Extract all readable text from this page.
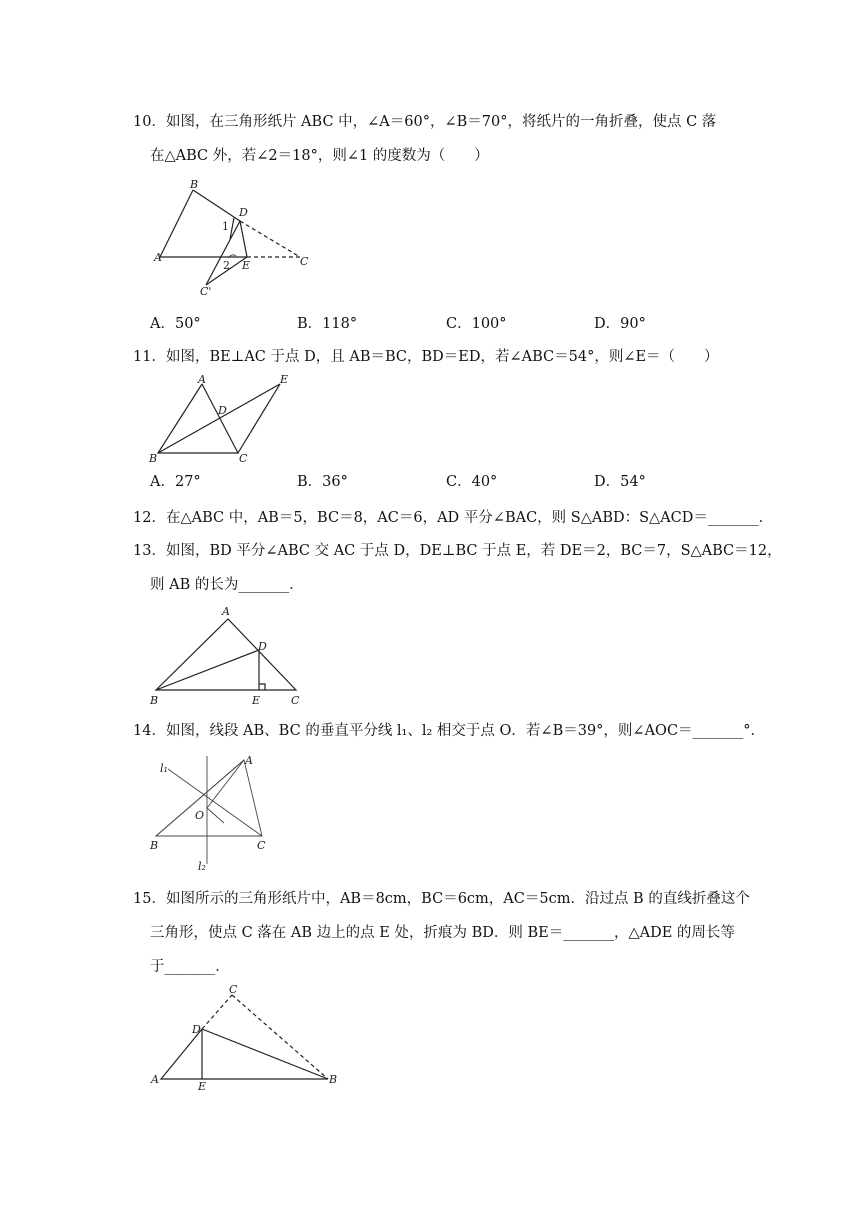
10．如图，在三角形纸片 ABC 中，∠A＝60°，∠B＝70°，将纸片的一角折叠，使点 C 落
在△ABC 外，若∠2＝18°，则∠1 的度数为（　　）
B
D
1
A
2 E	C
C'
A．50°	B．118°	C．100°	D．90°
11．如图，BE⊥AC 于点 D，且 AB＝BC，BD＝ED，若∠ABC＝54°，则∠E＝（　　）
A	E
D
B	C
A．27°	B．36°	C．40°	D．54°
12．在△ABC 中，AB＝5，BC＝8，AC＝6，AD 平分∠BAC，则 S△ABD：S△ACD＝_______．
13．如图，BD 平分∠ABC 交 AC 于点 D，DE⊥BC 于点 E，若 DE＝2，BC＝7，S△ABC＝12，
则 AB 的长为_______．
A
D
B	E	C
14．如图，线段 AB、BC 的垂直平分线 l₁、l₂ 相交于点 O．若∠B＝39°，则∠AOC＝_______°．
l₁
A
O
B	C
l₂
15．如图所示的三角形纸片中，AB＝8cm，BC＝6cm，AC＝5cm．沿过点 B 的直线折叠这个
三角形，使点 C 落在 AB 边上的点 E 处，折痕为 BD．则 BE＝_______，△ADE 的周长等
于_______．
C
D
A
E
B
